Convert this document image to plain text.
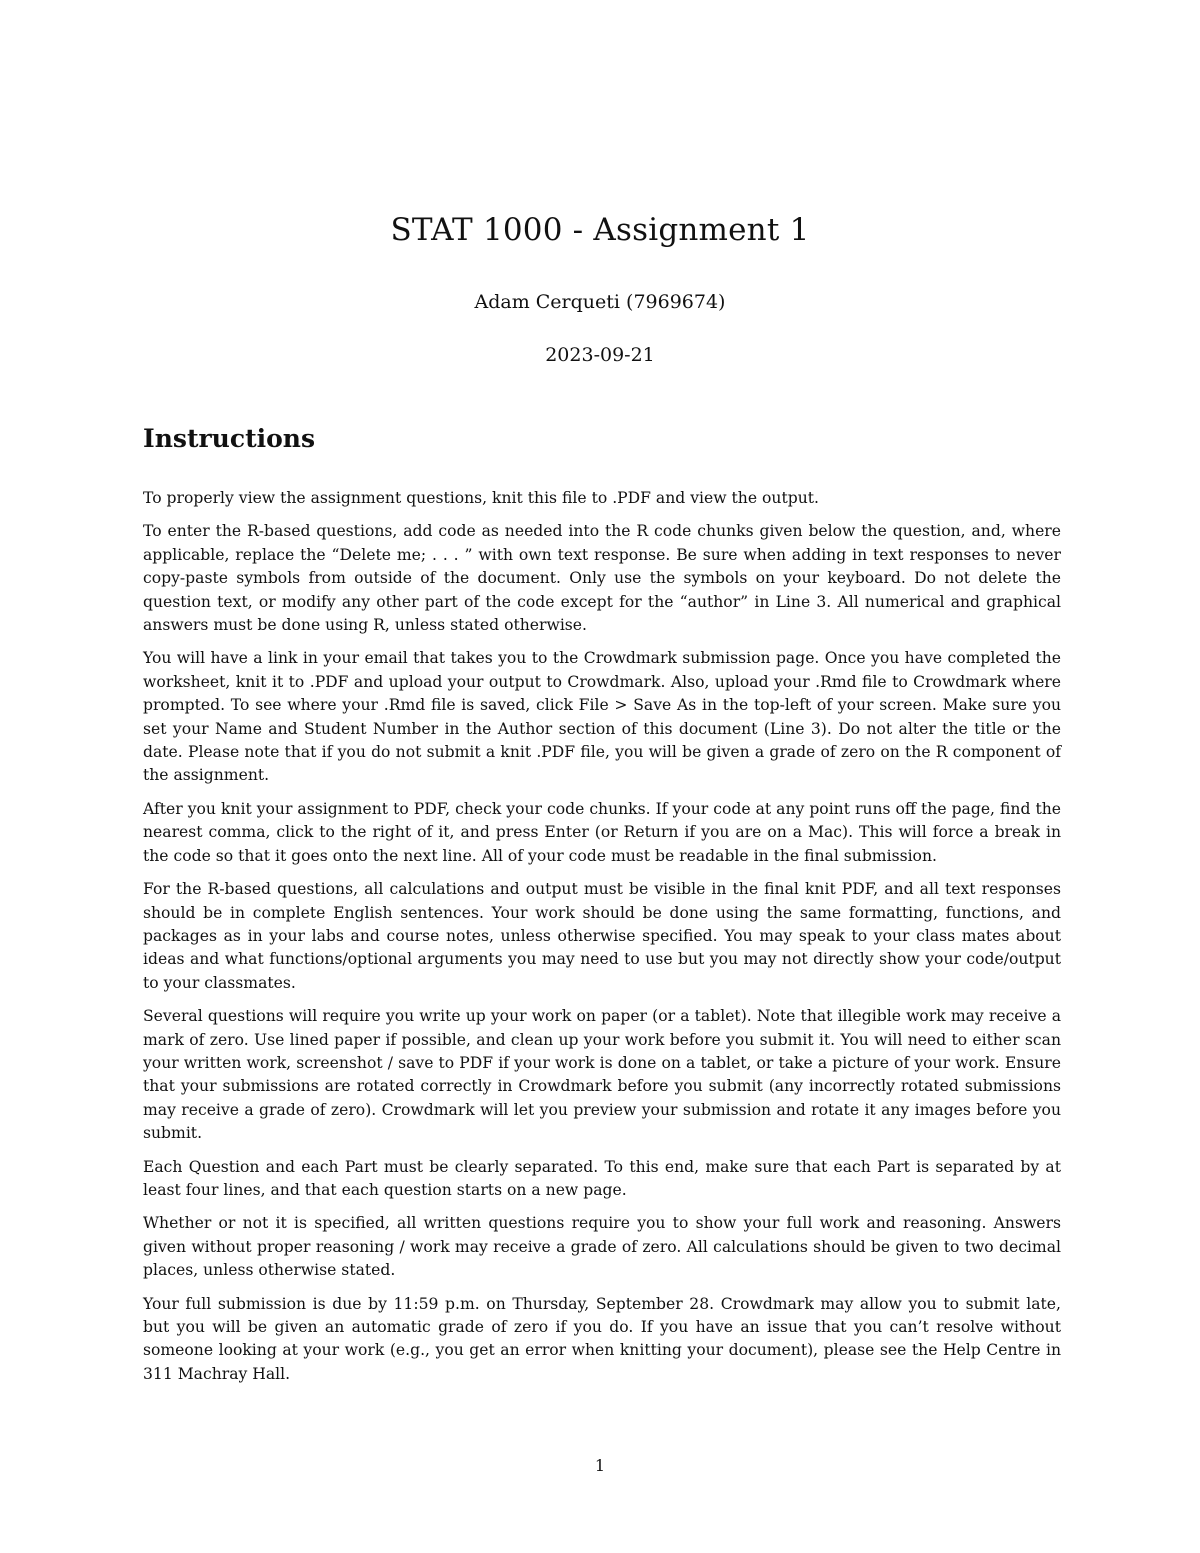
STAT 1000 - Assignment 1
Adam Cerqueti (7969674)
2023-09-21
Instructions

To properly view the assignment questions, knit this file to .PDF and view the output.

To enter the R-based questions, add code as needed into the R code chunks given below the question, and, where applicable, replace the “Delete me; . . . ” with own text response. Be sure when adding in text responses to never copy-paste symbols from outside of the document. Only use the symbols on your keyboard. Do not delete the question text, or modify any other part of the code except for the “author” in Line 3. All numerical and graphical answers must be done using R, unless stated otherwise.

You will have a link in your email that takes you to the Crowdmark submission page. Once you have completed the worksheet, knit it to .PDF and upload your output to Crowdmark. Also, upload your .Rmd file to Crowdmark where prompted. To see where your .Rmd file is saved, click File > Save As in the top-left of your screen. Make sure you set your Name and Student Number in the Author section of this document (Line 3). Do not alter the title or the date. Please note that if you do not submit a knit .PDF file, you will be given a grade of zero on the R component of the assignment.

After you knit your assignment to PDF, check your code chunks. If your code at any point runs off the page, find the nearest comma, click to the right of it, and press Enter (or Return if you are on a Mac). This will force a break in the code so that it goes onto the next line. All of your code must be readable in the final submission.

For the R-based questions, all calculations and output must be visible in the final knit PDF, and all text responses should be in complete English sentences. Your work should be done using the same formatting, functions, and packages as in your labs and course notes, unless otherwise specified. You may speak to your class mates about ideas and what functions/optional arguments you may need to use but you may not directly show your code/output to your classmates.

Several questions will require you write up your work on paper (or a tablet). Note that illegible work may receive a mark of zero. Use lined paper if possible, and clean up your work before you submit it. You will need to either scan your written work, screenshot / save to PDF if your work is done on a tablet, or take a picture of your work. Ensure that your submissions are rotated correctly in Crowdmark before you submit (any incorrectly rotated submissions may receive a grade of zero). Crowdmark will let you preview your submission and rotate it any images before you submit.

Each Question and each Part must be clearly separated. To this end, make sure that each Part is separated by at least four lines, and that each question starts on a new page.

Whether or not it is specified, all written questions require you to show your full work and reasoning. Answers given without proper reasoning / work may receive a grade of zero. All calculations should be given to two decimal places, unless otherwise stated.

Your full submission is due by 11:59 p.m. on Thursday, September 28. Crowdmark may allow you to submit late, but you will be given an automatic grade of zero if you do. If you have an issue that you can’t resolve without someone looking at your work (e.g., you get an error when knitting your document), please see the Help Centre in 311 Machray Hall.

1
